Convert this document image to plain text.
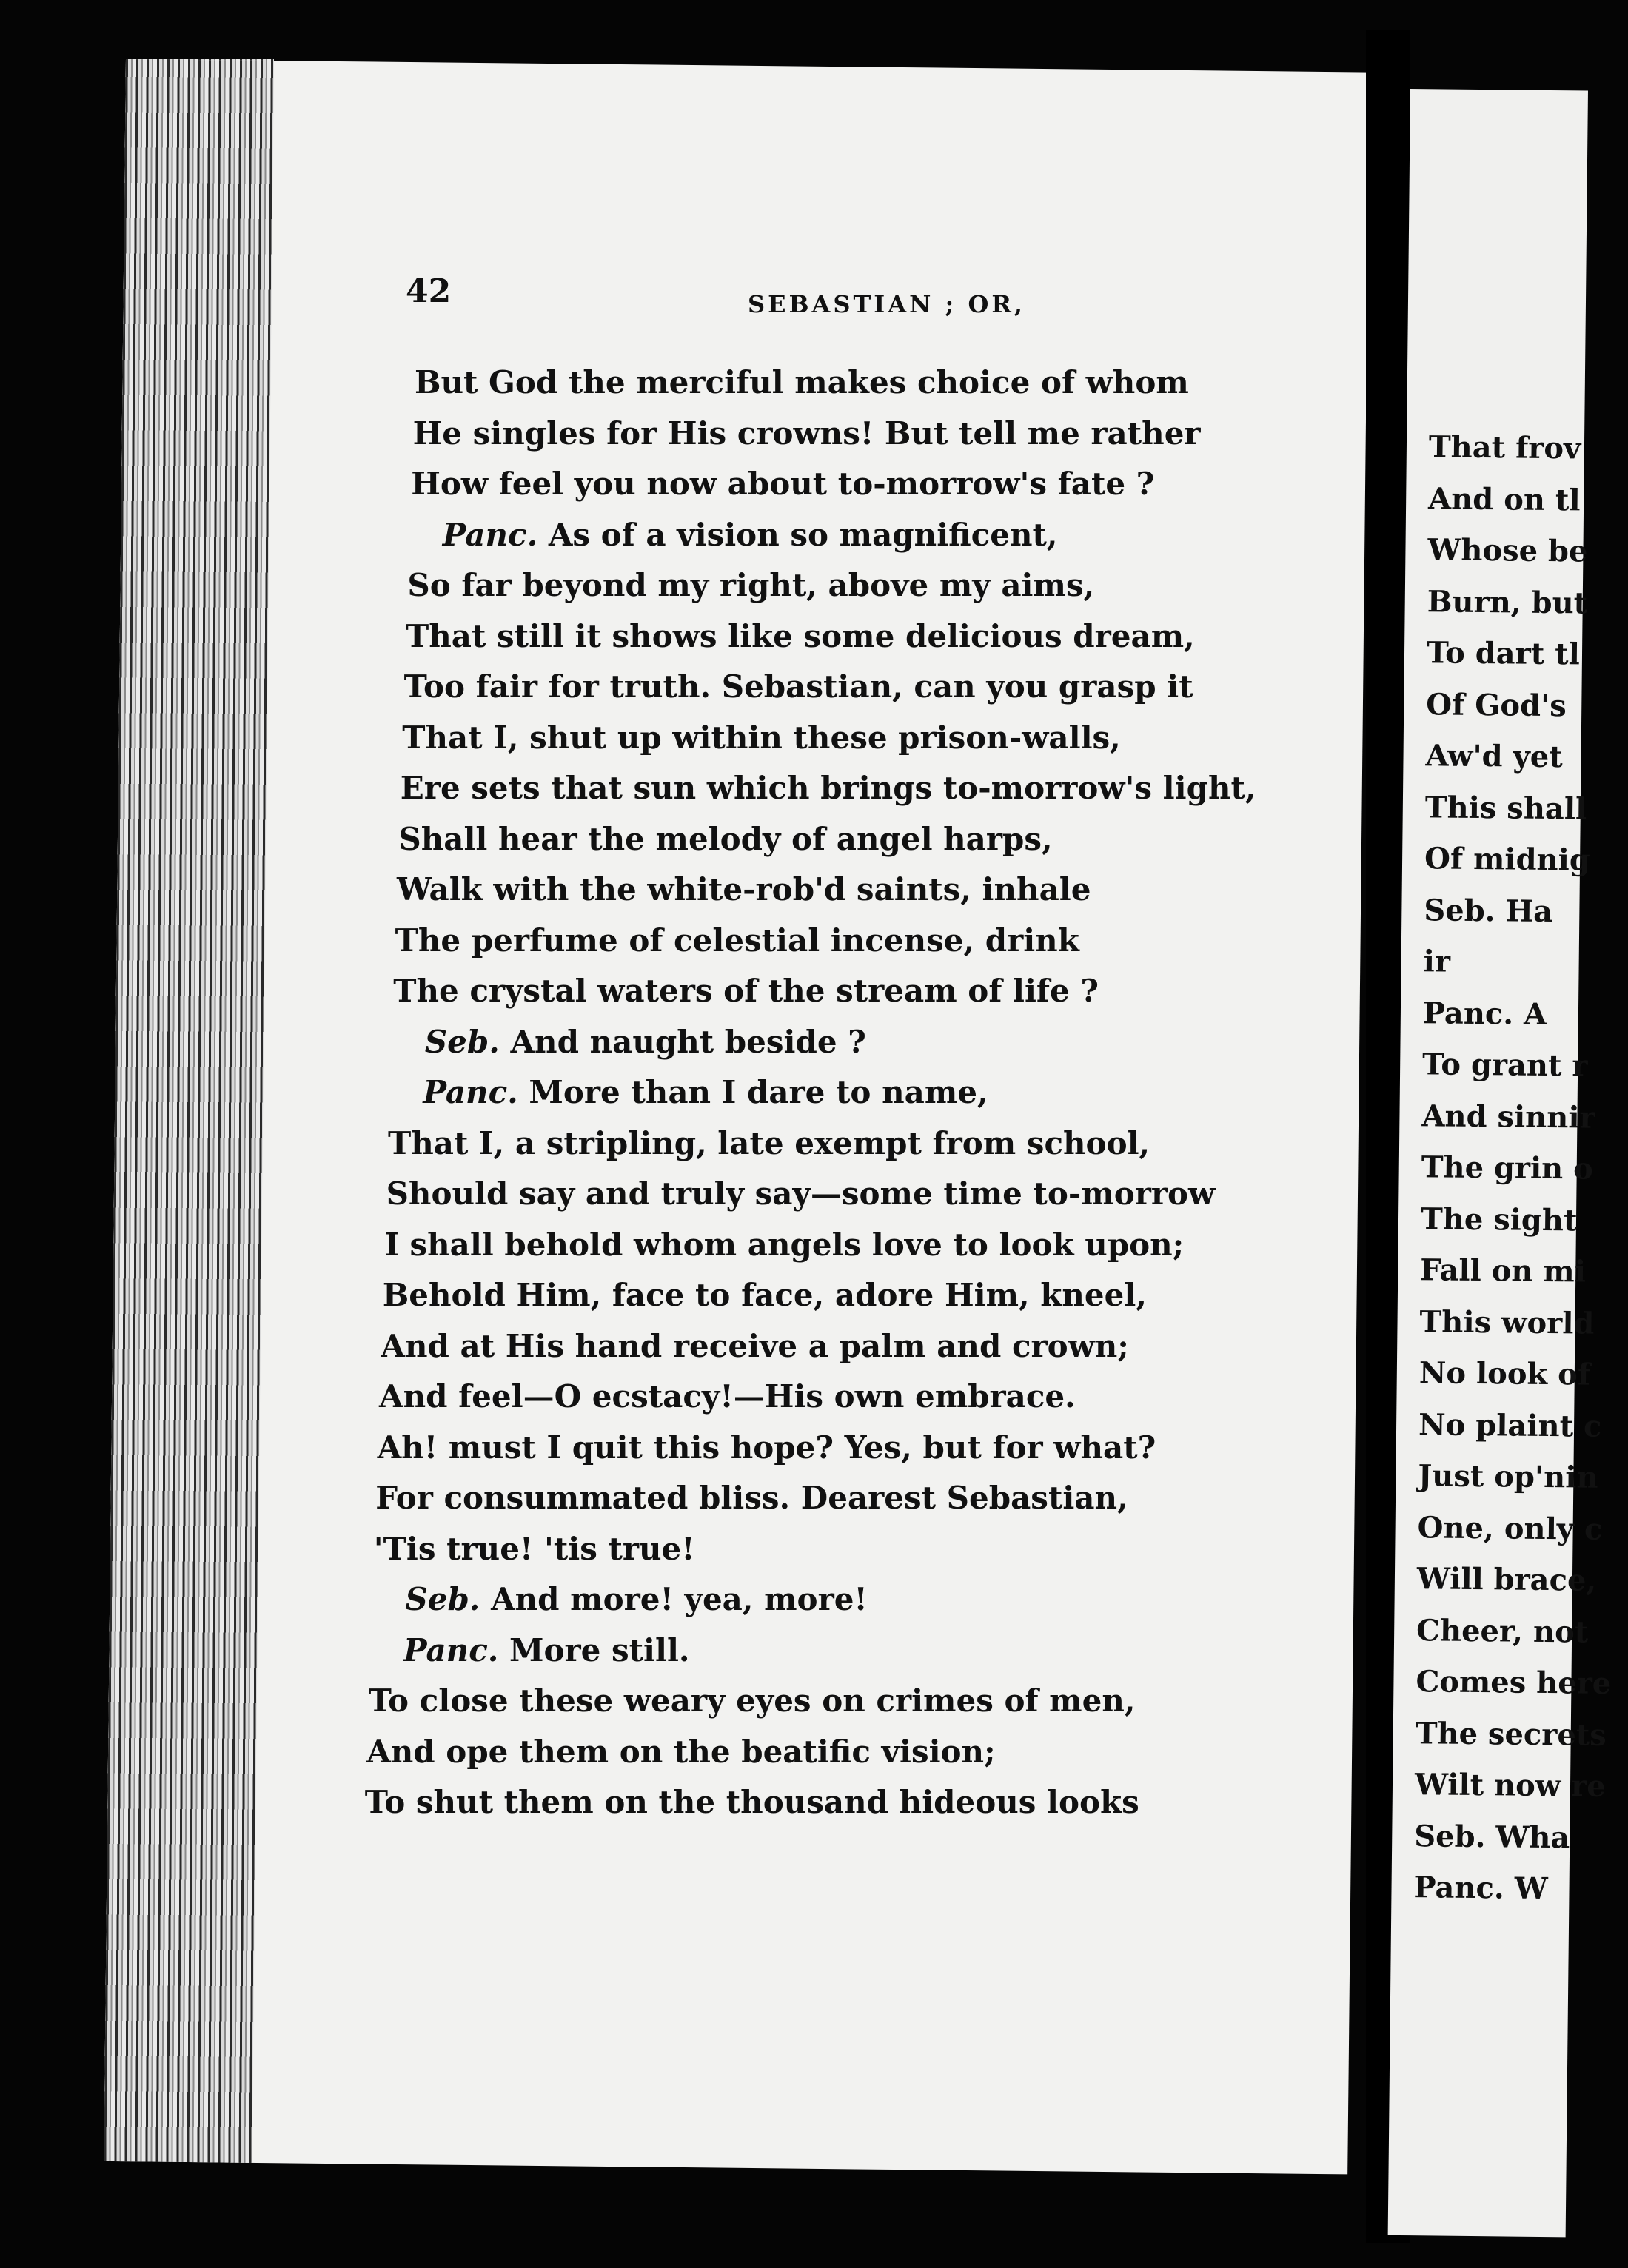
42	SEBASTIAN ; OR,
But God the merciful makes choice of whom
He singles for His crowns! But tell me rather
How feel you now about to-morrow's fate ?
Panc. As of a vision so magnificent,
So far beyond my right, above my aims,
That still it shows like some delicious dream,
Too fair for truth. Sebastian, can you grasp it
That I, shut up within these prison-walls,
Ere sets that sun which brings to-morrow's light,
Shall hear the melody of angel harps,
Walk with the white-rob'd saints, inhale
The perfume of celestial incense, drink
The crystal waters of the stream of life ?
Seb. And naught beside ?
Panc. More than I dare to name,
That I, a stripling, late exempt from school,
Should say and truly say—some time to-morrow
I shall behold whom angels love to look upon;
Behold Him, face to face, adore Him, kneel,
And at His hand receive a palm and crown;
And feel—O ecstacy!—His own embrace.
Ah! must I quit this hope? Yes, but for what?
For consummated bliss. Dearest Sebastian,
'Tis true! 'tis true!
Seb. And more! yea, more!
Panc. More still.
To close these weary eyes on crimes of men,
And ope them on the beatific vision;
To shut them on the thousand hideous looks
That frov
And on tl
Whose be
Burn, but
To dart tl
Of God's
Aw'd yet
This shall
Of midnig
Seb. Ha
ir
Panc. A
To grant r
And sinnir
The grin o
The sight
Fall on mi
This world
No look of
No plaint c
Just op'nin
One, only c
Will brace,
Cheer, not
Comes here
The secrets
Wilt now re
Seb. Wha
Panc. W
